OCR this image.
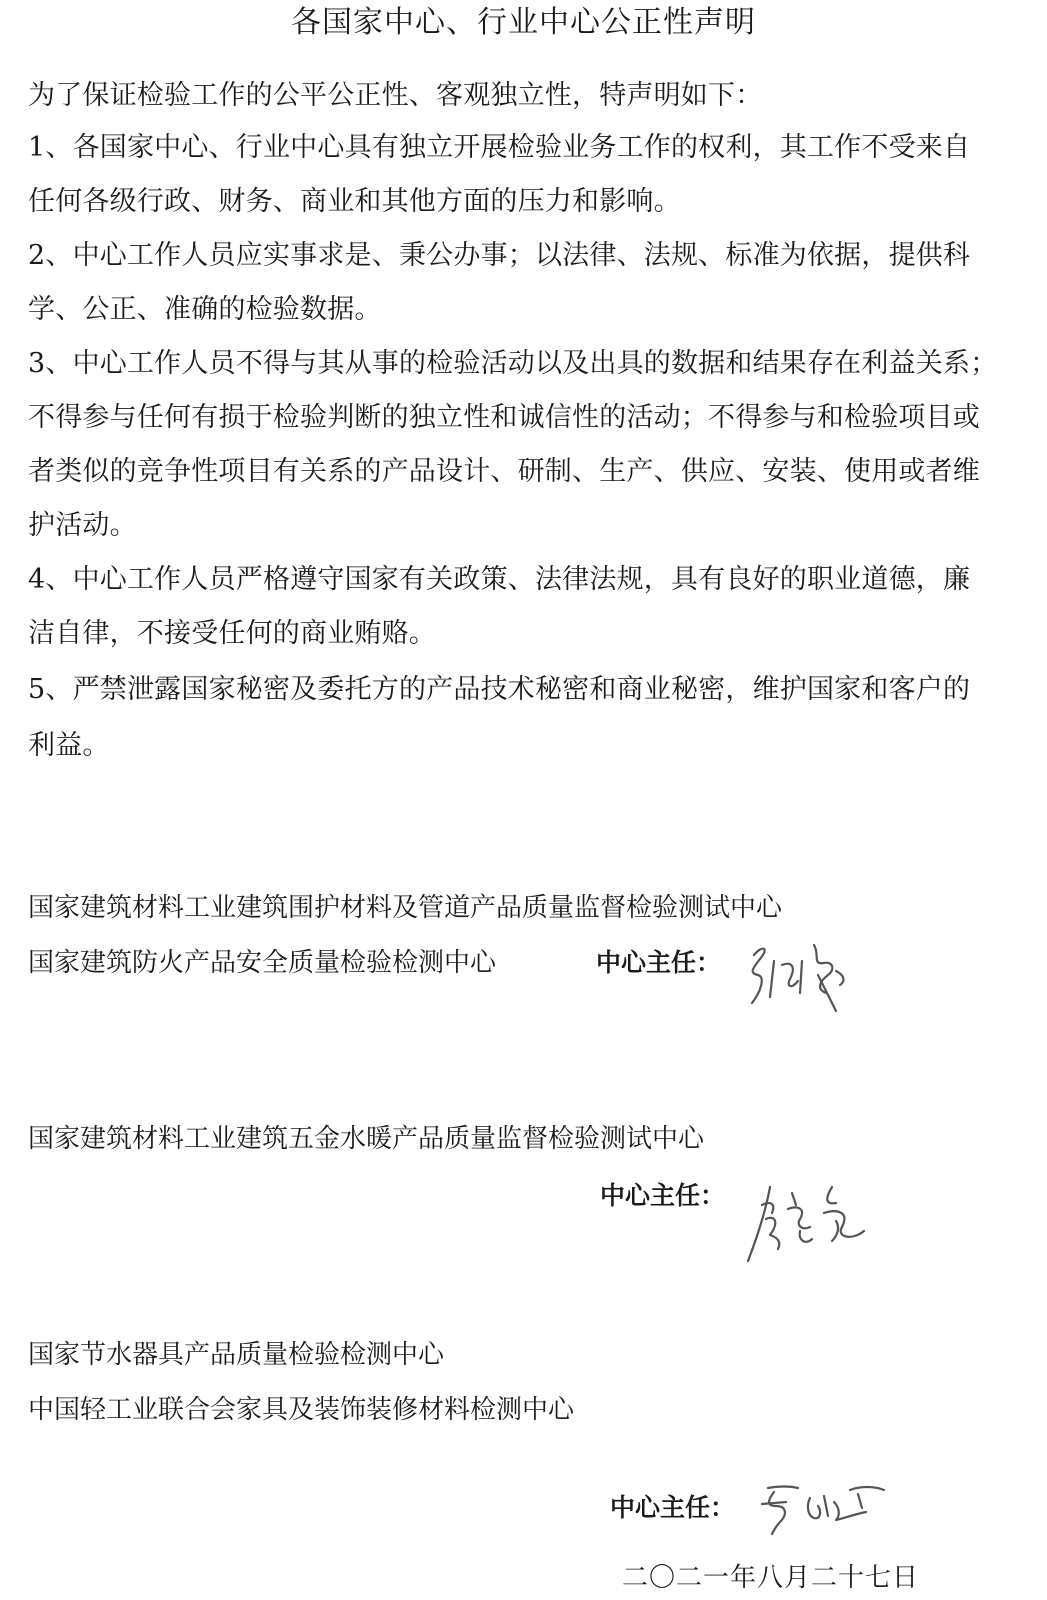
各国家中心、行业中心公正性声明
为了保证检验工作的公平公正性、客观独立性，特声明如下：
1、各国家中心、行业中心具有独立开展检验业务工作的权利，其工作不受来自
任何各级行政、财务、商业和其他方面的压力和影响。
2、中心工作人员应实事求是、秉公办事；以法律、法规、标准为依据，提供科
学、公正、准确的检验数据。
3、中心工作人员不得与其从事的检验活动以及出具的数据和结果存在利益关系；
不得参与任何有损于检验判断的独立性和诚信性的活动；不得参与和检验项目或
者类似的竞争性项目有关系的产品设计、研制、生产、供应、安装、使用或者维
护活动。
4、中心工作人员严格遵守国家有关政策、法律法规，具有良好的职业道德，廉
洁自律，不接受任何的商业贿赂。
5、严禁泄露国家秘密及委托方的产品技术秘密和商业秘密，维护国家和客户的
利益。
国家建筑材料工业建筑围护材料及管道产品质量监督检验测试中心
国家建筑防火产品安全质量检验检测中心	中心主任：
国家建筑材料工业建筑五金水暖产品质量监督检验测试中心
中心主任：
国家节水器具产品质量检验检测中心
中国轻工业联合会家具及装饰装修材料检测中心
中心主任：
二〇二一年八月二十七日
